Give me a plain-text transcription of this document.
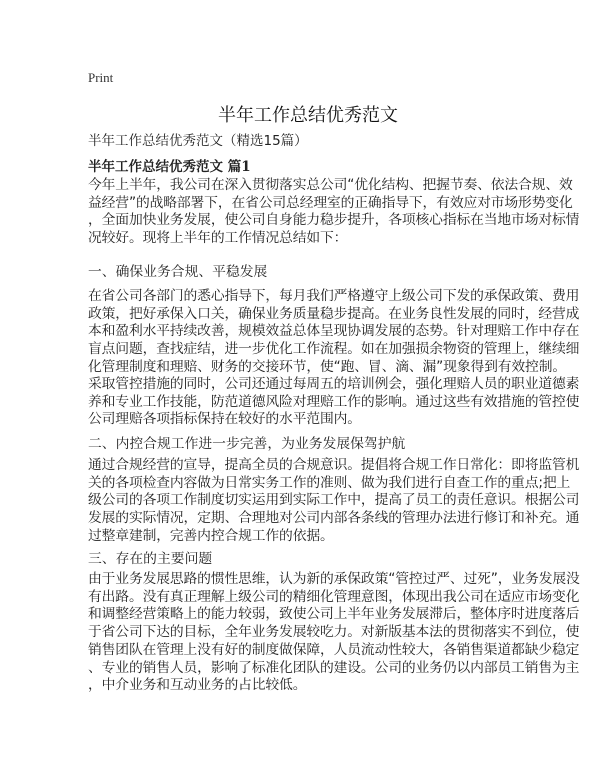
Print
半年工作总结优秀范文
半年工作总结优秀范文（精选15篇）
半年工作总结优秀范文 篇1
今年上半年，我公司在深入贯彻落实总公司“优化结构、把握节奏、依法合规、效
益经营”的战略部署下，在省公司总经理室的正确指导下，有效应对市场形势变化
，全面加快业务发展，使公司自身能力稳步提升，各项核心指标在当地市场对标情
况较好。现将上半年的工作情况总结如下：
一、确保业务合规、平稳发展
在省公司各部门的悉心指导下，每月我们严格遵守上级公司下发的承保政策、费用
政策，把好承保入口关，确保业务质量稳步提高。在业务良性发展的同时，经营成
本和盈利水平持续改善，规模效益总体呈现协调发展的态势。针对理赔工作中存在
盲点问题，查找症结，进一步优化工作流程。如在加强损余物资的管理上，继续细
化管理制度和理赔、财务的交接环节，使“跑、冒、滴、漏”现象得到有效控制。
采取管控措施的同时，公司还通过每周五的培训例会，强化理赔人员的职业道德素
养和专业工作技能，防范道德风险对理赔工作的影响。通过这些有效措施的管控使
公司理赔各项指标保持在较好的水平范围内。
二、内控合规工作进一步完善，为业务发展保驾护航
通过合规经营的宣导，提高全员的合规意识。提倡将合规工作日常化：即将监管机
关的各项检查内容做为日常实务工作的准则、做为我们进行自查工作的重点;把上
级公司的各项工作制度切实运用到实际工作中，提高了员工的责任意识。根据公司
发展的实际情况，定期、合理地对公司内部各条线的管理办法进行修订和补充。通
过整章建制，完善内控合规工作的依据。
三、存在的主要问题
由于业务发展思路的惯性思维，认为新的承保政策“管控过严、过死”，业务发展没
有出路。没有真正理解上级公司的精细化管理意图，体现出我公司在适应市场变化
和调整经营策略上的能力较弱，致使公司上半年业务发展滞后，整体序时进度落后
于省公司下达的目标，全年业务发展较吃力。对新版基本法的贯彻落实不到位，使
销售团队在管理上没有好的制度做保障，人员流动性较大，各销售渠道都缺少稳定
、专业的销售人员，影响了标准化团队的建设。公司的业务仍以内部员工销售为主
，中介业务和互动业务的占比较低。
